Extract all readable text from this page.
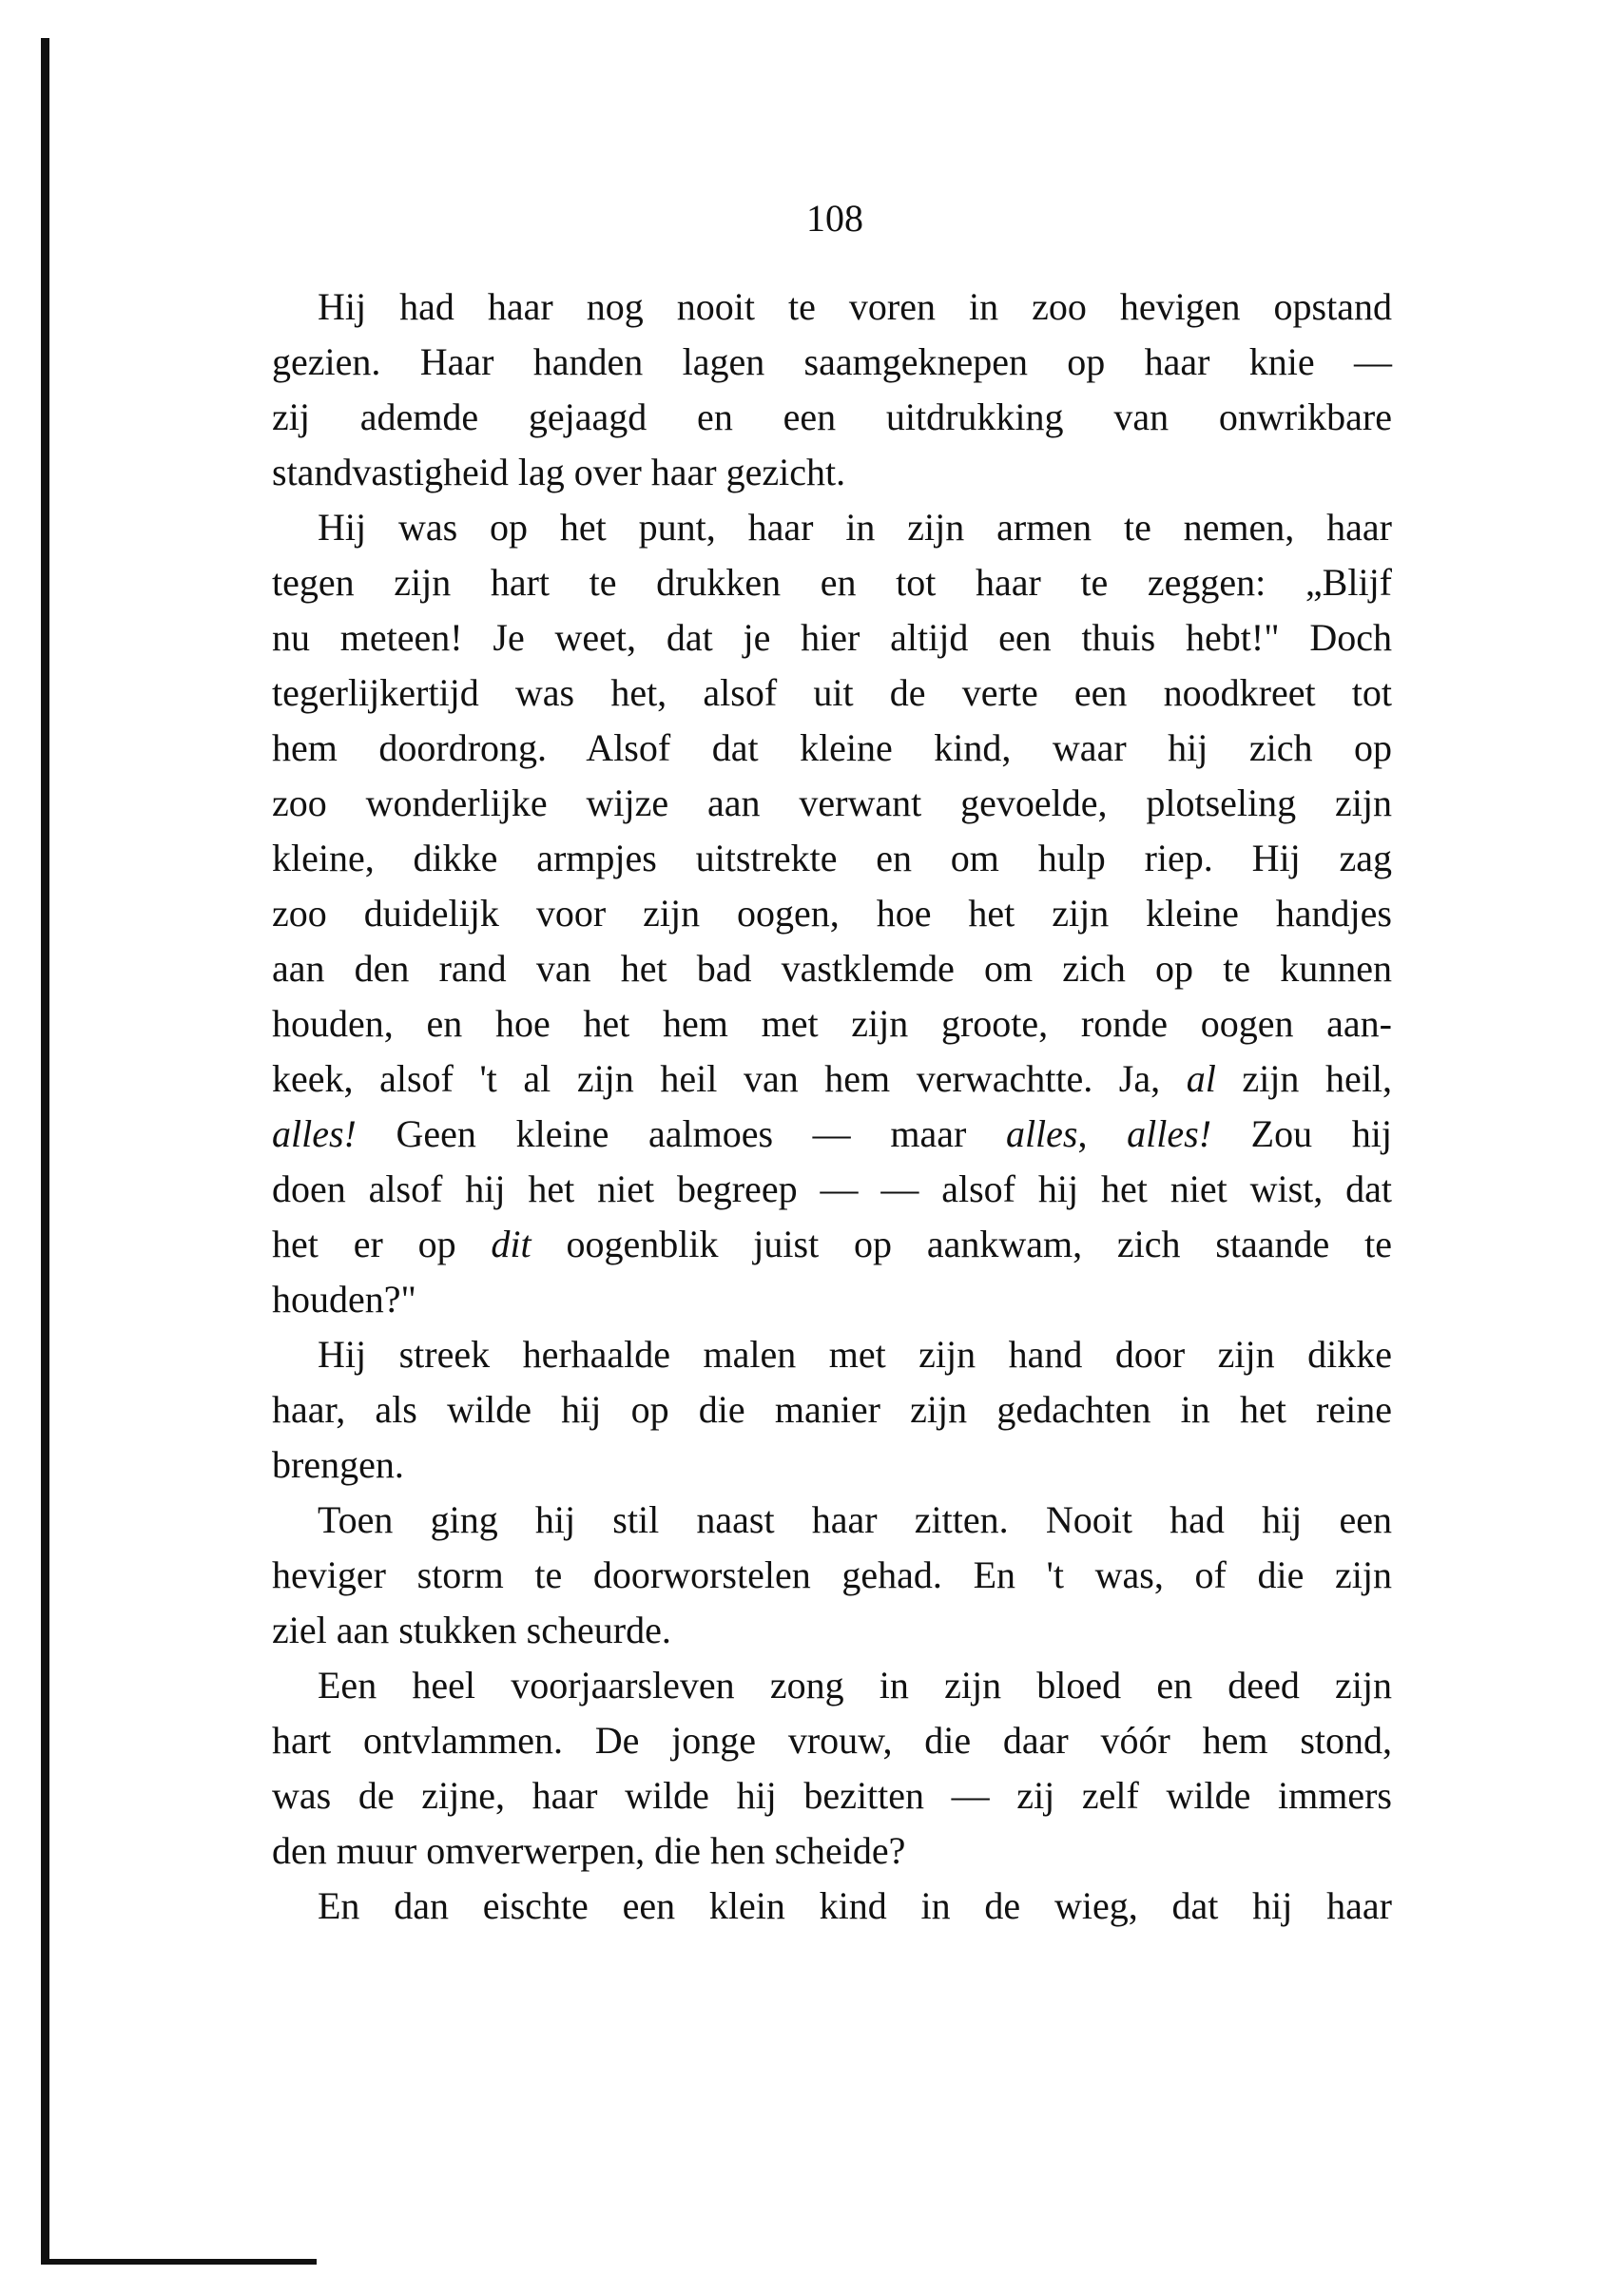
108
Hij had haar nog nooit te voren in zoo hevigen opstand
gezien. Haar handen lagen saamgeknepen op haar knie —
zij ademde gejaagd en een uitdrukking van onwrikbare
standvastigheid lag over haar gezicht.
Hij was op het punt, haar in zijn armen te nemen, haar
tegen zijn hart te drukken en tot haar te zeggen: „Blijf
nu meteen! Je weet, dat je hier altijd een thuis hebt!" Doch
tegerlijkertijd was het, alsof uit de verte een noodkreet tot
hem doordrong. Alsof dat kleine kind, waar hij zich op
zoo wonderlijke wijze aan verwant gevoelde, plotseling zijn
kleine, dikke armpjes uitstrekte en om hulp riep. Hij zag
zoo duidelijk voor zijn oogen, hoe het zijn kleine handjes
aan den rand van het bad vastklemde om zich op te kunnen
houden, en hoe het hem met zijn groote, ronde oogen aan-
keek, alsof 't al zijn heil van hem verwachtte. Ja, al zijn heil,
alles! Geen kleine aalmoes — maar alles, alles! Zou hij
doen alsof hij het niet begreep — — alsof hij het niet wist, dat
het er op dit oogenblik juist op aankwam, zich staande te
houden?"
Hij streek herhaalde malen met zijn hand door zijn dikke
haar, als wilde hij op die manier zijn gedachten in het reine
brengen.
Toen ging hij stil naast haar zitten. Nooit had hij een
heviger storm te doorworstelen gehad. En 't was, of die zijn
ziel aan stukken scheurde.
Een heel voorjaarsleven zong in zijn bloed en deed zijn
hart ontvlammen. De jonge vrouw, die daar vóór hem stond,
was de zijne, haar wilde hij bezitten — zij zelf wilde immers
den muur omverwerpen, die hen scheide?
En dan eischte een klein kind in de wieg, dat hij haar
